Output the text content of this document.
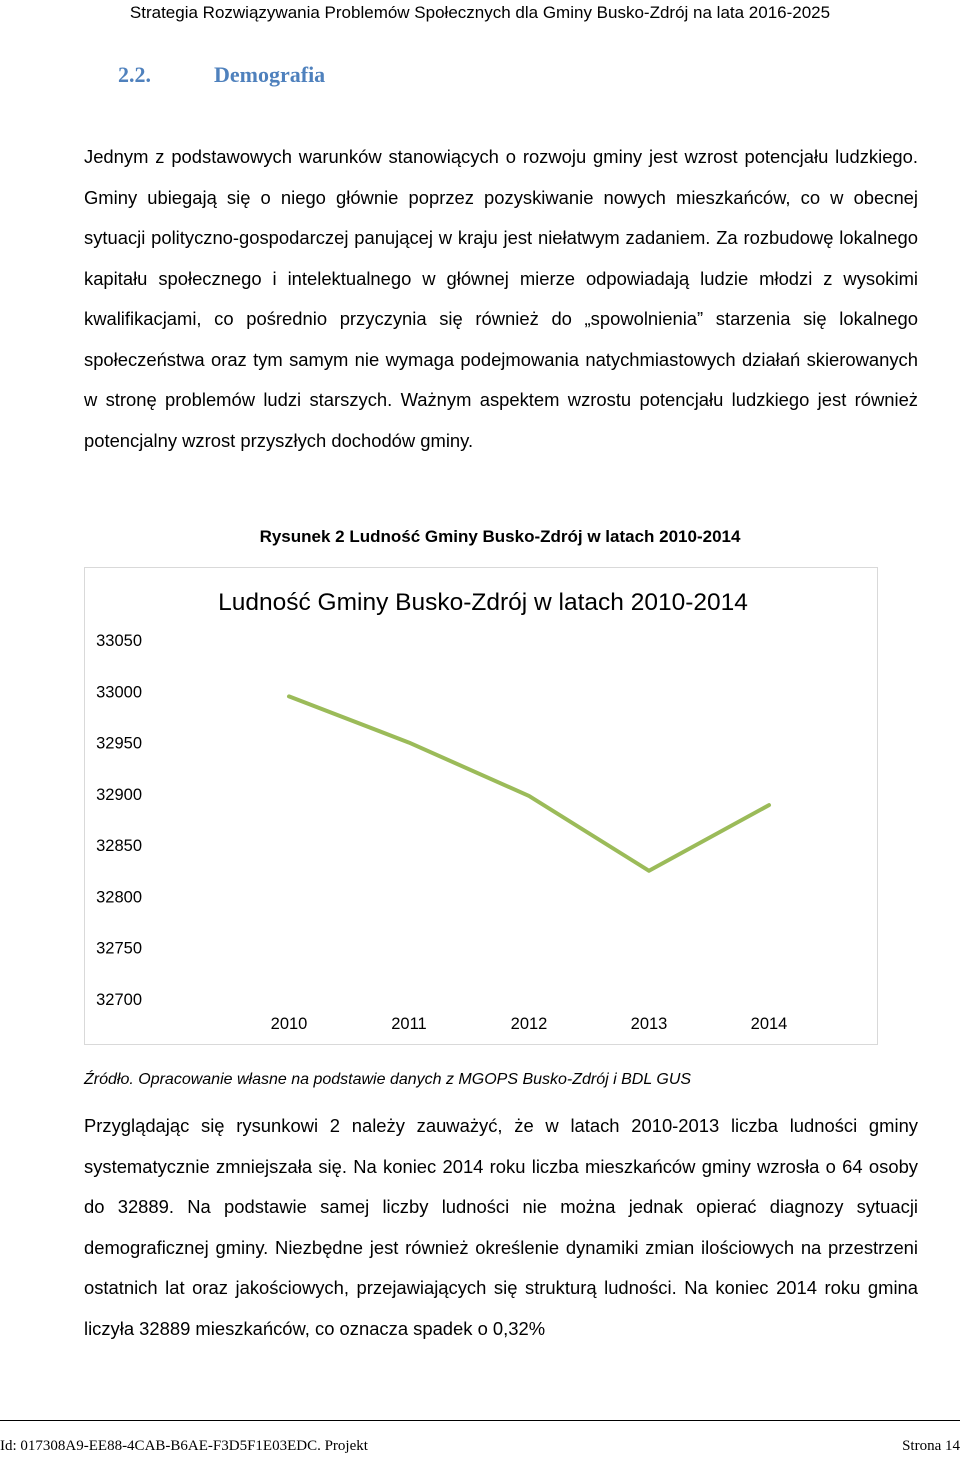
Strategia Rozwiązywania Problemów Społecznych dla Gminy Busko-Zdrój na lata 2016-2025
2.2.	Demografia

Jednym z podstawowych warunków stanowiących o rozwoju gminy jest wzrost potencjału ludzkiego. Gminy ubiegają się o niego głównie poprzez pozyskiwanie nowych mieszkańców, co w obecnej sytuacji polityczno-gospodarczej panującej w kraju jest niełatwym zadaniem. Za rozbudowę lokalnego kapitału społecznego i intelektualnego w głównej mierze odpowiadają ludzie młodzi z wysokimi kwalifikacjami, co pośrednio przyczynia się również do „spowolnienia” starzenia się lokalnego społeczeństwa oraz tym samym nie wymaga podejmowania natychmiastowych działań skierowanych w stronę problemów ludzi starszych. Ważnym aspektem wzrostu potencjału ludzkiego jest również potencjalny wzrost przyszłych dochodów gminy.

Rysunek 2 Ludność Gminy Busko-Zdrój w latach 2010-2014
Ludność Gminy Busko-Zdrój w latach 2010-2014
33050
33000
32950
32900
32850
32800
32750
32700
2010	2011	2012	2013	2014

Źródło. Opracowanie własne na podstawie danych z MGOPS Busko-Zdrój i BDL GUS

Przyglądając się rysunkowi 2 należy zauważyć, że w latach 2010-2013 liczba ludności gminy systematycznie zmniejszała się. Na koniec 2014 roku liczba mieszkańców gminy wzrosła o 64 osoby do 32889. Na podstawie samej liczby ludności nie można jednak opierać diagnozy sytuacji demograficznej gminy. Niezbędne jest również określenie dynamiki zmian ilościowych na przestrzeni ostatnich lat oraz jakościowych, przejawiających się strukturą ludności. Na koniec 2014 roku gmina liczyła 32889 mieszkańców, co oznacza spadek o 0,32%

Id: 017308A9-EE88-4CAB-B6AE-F3D5F1E03EDC. Projekt	Strona 14
